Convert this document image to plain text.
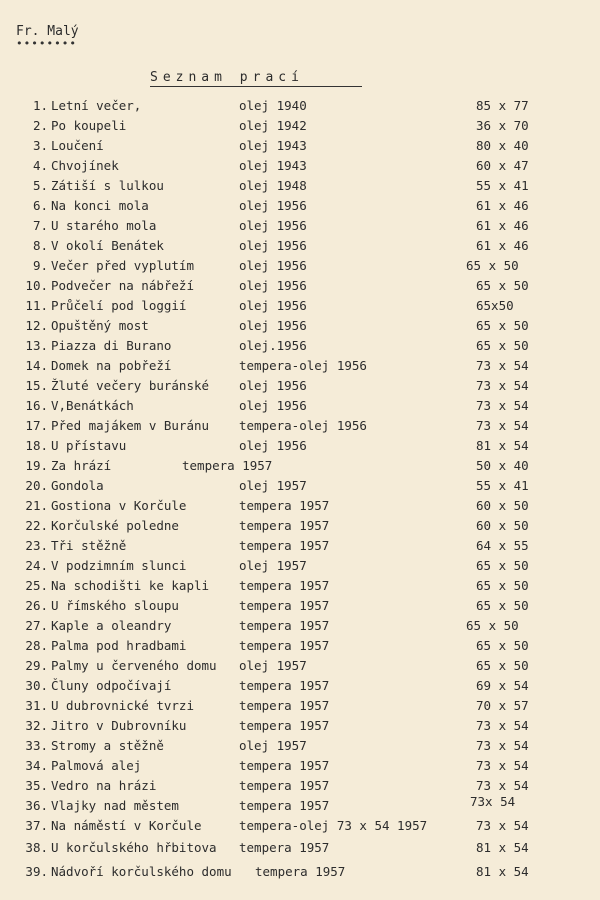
Fr. Malý
••••••••
Seznam prací
1. Letní večer,	olej 1940	85 x 77
2. Po koupeli	olej 1942	36 x 70
3. Loučení	olej 1943	80 x 40
4. Chvojínek	olej 1943	60 x 47
5. Zátiší s lulkou	olej 1948	55 x 41
6. Na konci mola	olej 1956	61 x 46
7. U starého mola	olej 1956	61 x 46
8. V okolí Benátek	olej 1956	61 x 46
9. Večer před vyplutím	olej 1956	65 x 50
10. Podvečer na nábřeží	olej 1956	65 x 50
11. Průčelí pod loggií	olej 1956	65x50
12. Opuštěný most	olej 1956	65 x 50
13. Piazza di Burano	olej.1956	65 x 50
14. Domek na pobřeží	tempera-olej 1956	73 x 54
15. Žluté večery buránské olej 1956	73 x 54
16. V,Benátkách	olej 1956	73 x 54
17. Před majákem v Buránu tempera-olej 1956	73 x 54
18. U přístavu	olej 1956	81 x 54
19. Za hrází	tempera 1957	50 x 40
20. Gondola	olej 1957	55 x 41
21. Gostiona v Korčule	tempera 1957	60 x 50
22. Korčulské poledne	tempera 1957	60 x 50
23. Tři stěžně	tempera 1957	64 x 55
24. V podzimním slunci	olej 1957	65 x 50
25. Na schodišti ke kapli tempera 1957	65 x 50
26. U římského sloupu	tempera 1957	65 x 50
27. Kaple a oleandry	tempera 1957	65 x 50
28. Palma pod hradbami	tempera 1957	65 x 50
29. Palmy u červeného domu olej 1957	65 x 50
30. Čluny odpočívají	tempera 1957	69 x 54
31. U dubrovnické tvrzi	tempera 1957	70 x 57
32. Jitro v Dubrovníku	tempera 1957	73 x 54
33. Stromy a stěžně	olej 1957	73 x 54
34. Palmová alej	tempera 1957	73 x 54
35. Vedro na hrázi	tempera 1957	73 x 54
36. Vlajky nad městem	tempera 1957	73x 54
37. Na náměstí v Korčule	tempera-olej 73 x 54 1957	73 x 54
38. U korčulského hřbitova tempera 1957	81 x 54
39. Nádvoří korčulského domu tempera 1957	81 x 54
